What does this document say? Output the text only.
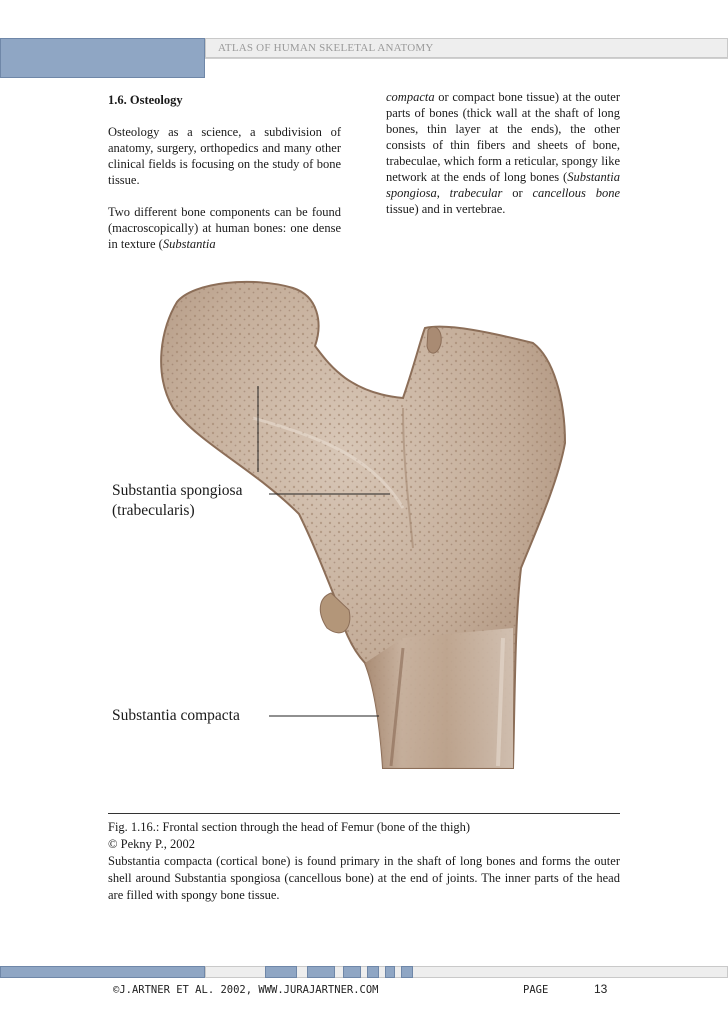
ATLAS OF HUMAN SKELETAL ANATOMY

1.6. Osteology

Osteology as a science, a subdivision of anatomy, surgery, orthopedics and many other clinical fields is focusing on the study of bone tissue.

Two different bone components can be found (macroscopically) at human bones: one dense in texture (Substantia

compacta or compact bone tissue) at the outer parts of bones (thick wall at the shaft of long bones, thin layer at the ends), the other consists of thin fibers and sheets of bone, trabeculae, which form a reticular, spongy like network at the ends of long bones (Substantia spongiosa, trabecular or cancellous bone tissue) and in vertebrae.

Substantia spongiosa
(trabecularis)
Substantia compacta
Fig. 1.16.: Frontal section through the head of Femur (bone of the thigh)
© Pekny P., 2002
Substantia compacta (cortical bone) is found primary in the shaft of long bones and forms the outer shell around Substantia spongiosa (cancellous bone) at the end of joints. The inner parts of the head are filled with spongy bone tissue.
©J.ARTNER ET AL. 2002, WWW.JURAJARTNER.COM	PAGE	13
